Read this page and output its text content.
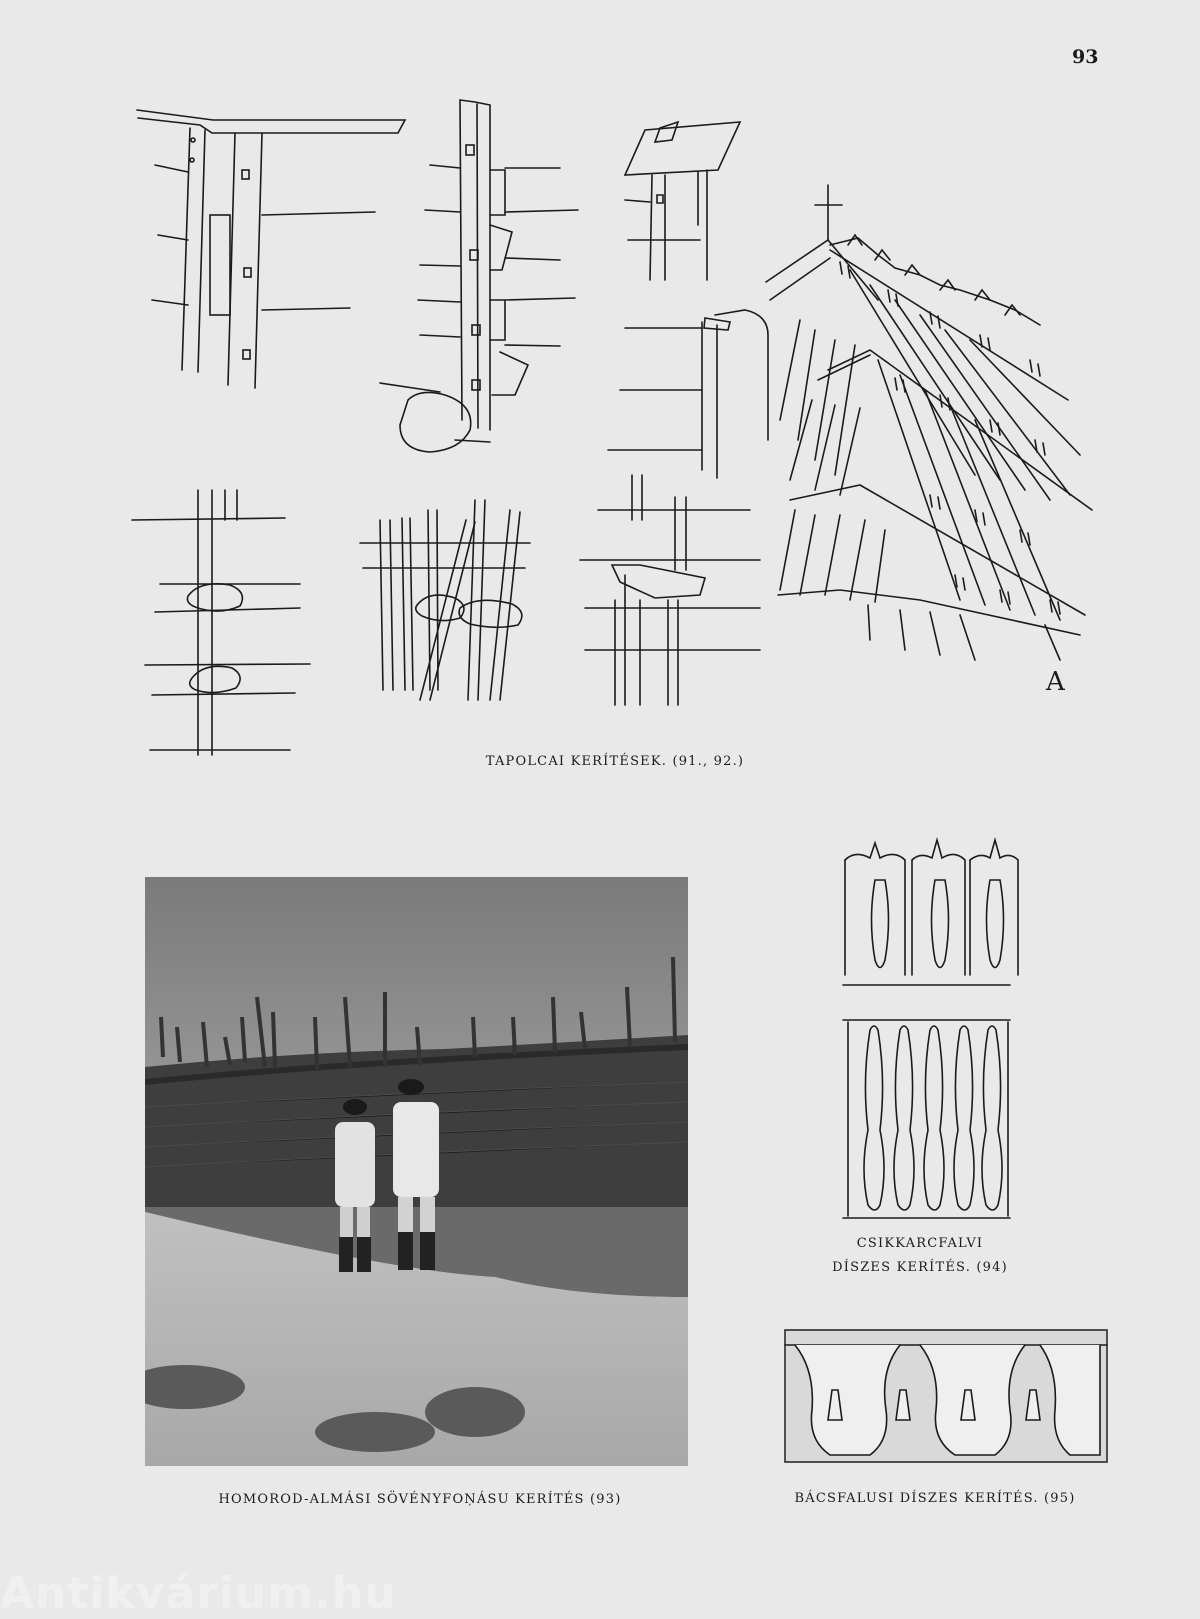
93
A
TAPOLCAI KERÍTÉSEK. (91., 92.)
HOMOROD-ALMÁSI SÖVÉNYFOŅÁSU KERÍTÉS (93)
CSIKKARCFALVI
DÍSZES KERÍTÉS. (94)
BÁCSFALUSI DÍSZES KERÍTÉS. (95)
Antikvárium.hu
